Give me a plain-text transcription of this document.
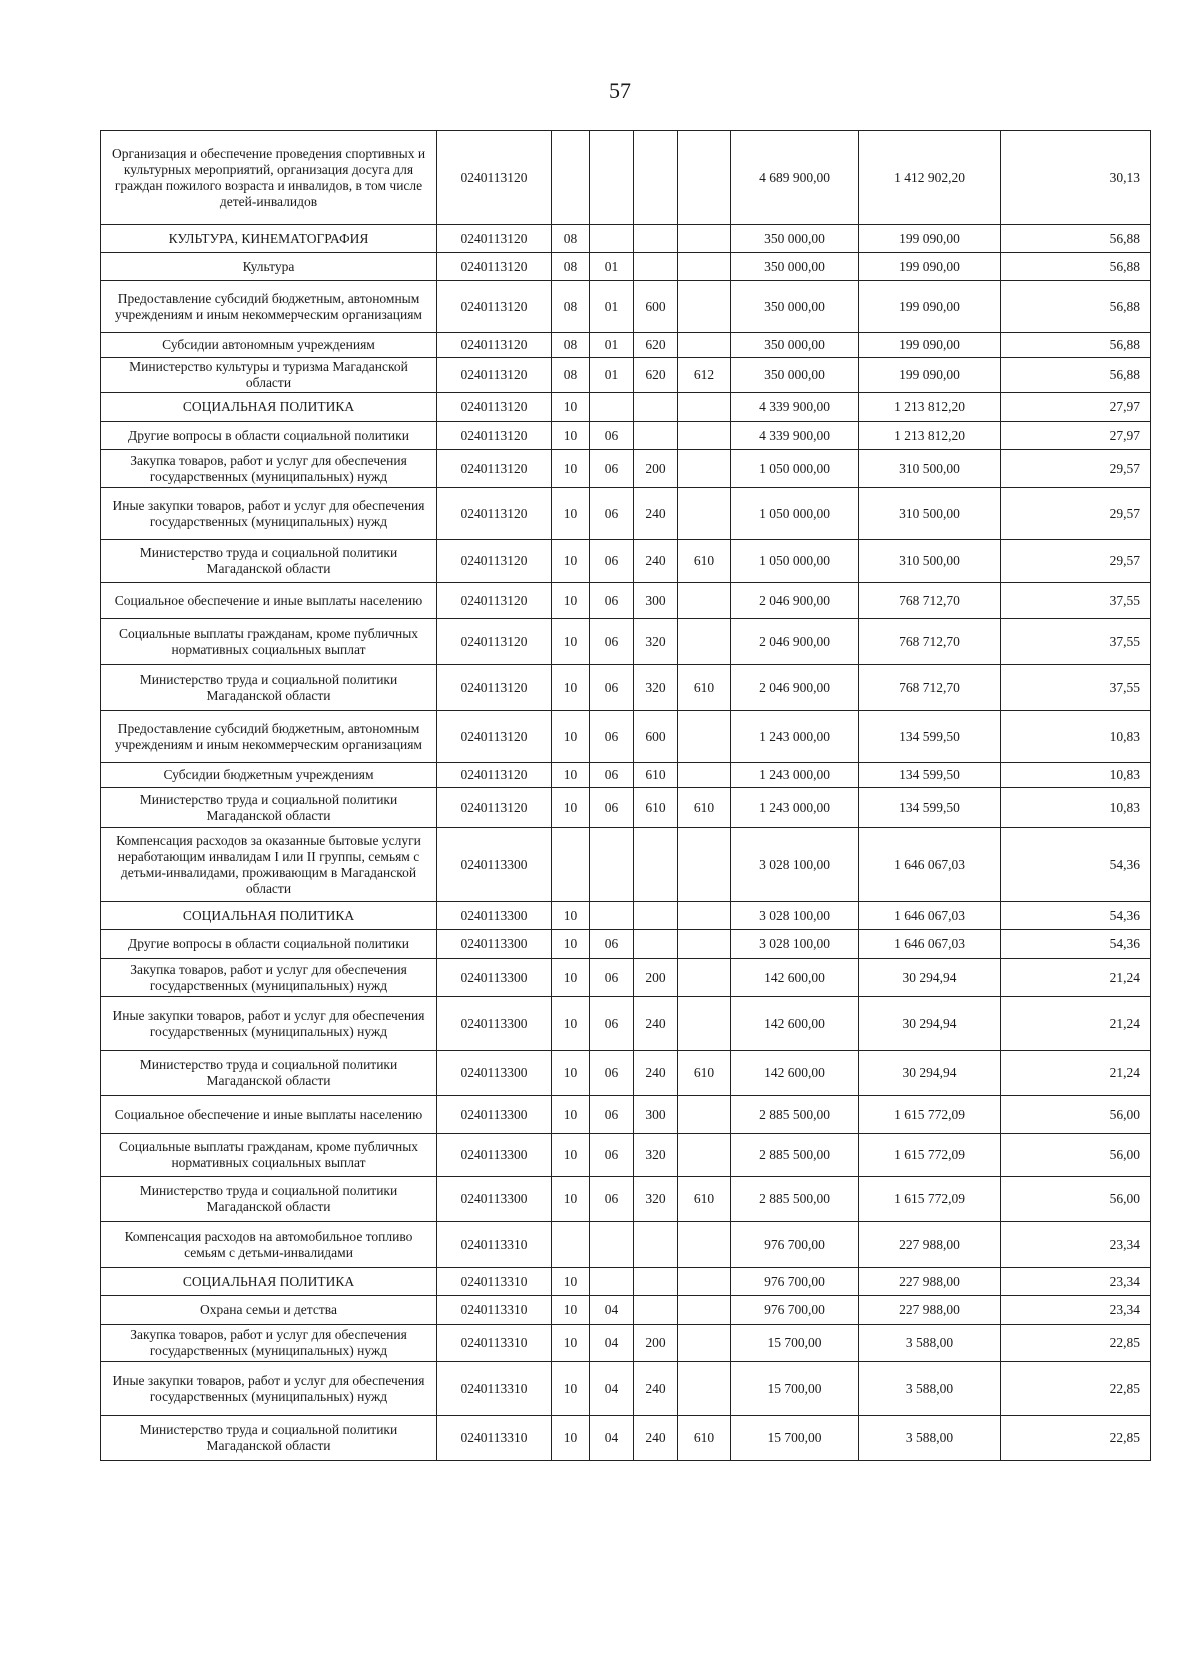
57
Организация и обеспечение проведения спортивных и культурных мероприятий, организация досуга для граждан пожилого возраста и инвалидов, в том числе детей-инвалидов	0240113120					4 689 900,00	1 412 902,20	30,13
КУЛЬТУРА, КИНЕМАТОГРАФИЯ	0240113120	08				350 000,00	199 090,00	56,88
Культура	0240113120	08	01			350 000,00	199 090,00	56,88
Предоставление субсидий бюджетным, автономным учреждениям и иным некоммерческим организациям	0240113120	08	01	600		350 000,00	199 090,00	56,88
Субсидии автономным учреждениям	0240113120	08	01	620		350 000,00	199 090,00	56,88
Министерство культуры и туризма Магаданской области	0240113120	08	01	620	612	350 000,00	199 090,00	56,88
СОЦИАЛЬНАЯ ПОЛИТИКА	0240113120	10				4 339 900,00	1 213 812,20	27,97
Другие вопросы в области социальной политики	0240113120	10	06			4 339 900,00	1 213 812,20	27,97
Закупка товаров, работ и услуг для обеспечения государственных (муниципальных) нужд	0240113120	10	06	200		1 050 000,00	310 500,00	29,57
Иные закупки товаров, работ и услуг для обеспечения государственных (муниципальных) нужд	0240113120	10	06	240		1 050 000,00	310 500,00	29,57
Министерство труда и социальной политики Магаданской области	0240113120	10	06	240	610	1 050 000,00	310 500,00	29,57
Социальное обеспечение и иные выплаты населению	0240113120	10	06	300		2 046 900,00	768 712,70	37,55
Социальные выплаты гражданам, кроме публичных нормативных социальных выплат	0240113120	10	06	320		2 046 900,00	768 712,70	37,55
Министерство труда и социальной политики Магаданской области	0240113120	10	06	320	610	2 046 900,00	768 712,70	37,55
Предоставление субсидий бюджетным, автономным учреждениям и иным некоммерческим организациям	0240113120	10	06	600		1 243 000,00	134 599,50	10,83
Субсидии бюджетным учреждениям	0240113120	10	06	610		1 243 000,00	134 599,50	10,83
Министерство труда и социальной политики Магаданской области	0240113120	10	06	610	610	1 243 000,00	134 599,50	10,83
Компенсация расходов за оказанные бытовые услуги неработающим инвалидам I или II группы, семьям с детьми-инвалидами, проживающим в Магаданской области	0240113300					3 028 100,00	1 646 067,03	54,36
СОЦИАЛЬНАЯ ПОЛИТИКА	0240113300	10				3 028 100,00	1 646 067,03	54,36
Другие вопросы в области социальной политики	0240113300	10	06			3 028 100,00	1 646 067,03	54,36
Закупка товаров, работ и услуг для обеспечения государственных (муниципальных) нужд	0240113300	10	06	200		142 600,00	30 294,94	21,24
Иные закупки товаров, работ и услуг для обеспечения государственных (муниципальных) нужд	0240113300	10	06	240		142 600,00	30 294,94	21,24
Министерство труда и социальной политики Магаданской области	0240113300	10	06	240	610	142 600,00	30 294,94	21,24
Социальное обеспечение и иные выплаты населению	0240113300	10	06	300		2 885 500,00	1 615 772,09	56,00
Социальные выплаты гражданам, кроме публичных нормативных социальных выплат	0240113300	10	06	320		2 885 500,00	1 615 772,09	56,00
Министерство труда и социальной политики Магаданской области	0240113300	10	06	320	610	2 885 500,00	1 615 772,09	56,00
Компенсация расходов на автомобильное топливо семьям с детьми-инвалидами	0240113310					976 700,00	227 988,00	23,34
СОЦИАЛЬНАЯ ПОЛИТИКА	0240113310	10				976 700,00	227 988,00	23,34
Охрана семьи и детства	0240113310	10	04			976 700,00	227 988,00	23,34
Закупка товаров, работ и услуг для обеспечения государственных (муниципальных) нужд	0240113310	10	04	200		15 700,00	3 588,00	22,85
Иные закупки товаров, работ и услуг для обеспечения государственных (муниципальных) нужд	0240113310	10	04	240		15 700,00	3 588,00	22,85
Министерство труда и социальной политики Магаданской области	0240113310	10	04	240	610	15 700,00	3 588,00	22,85
